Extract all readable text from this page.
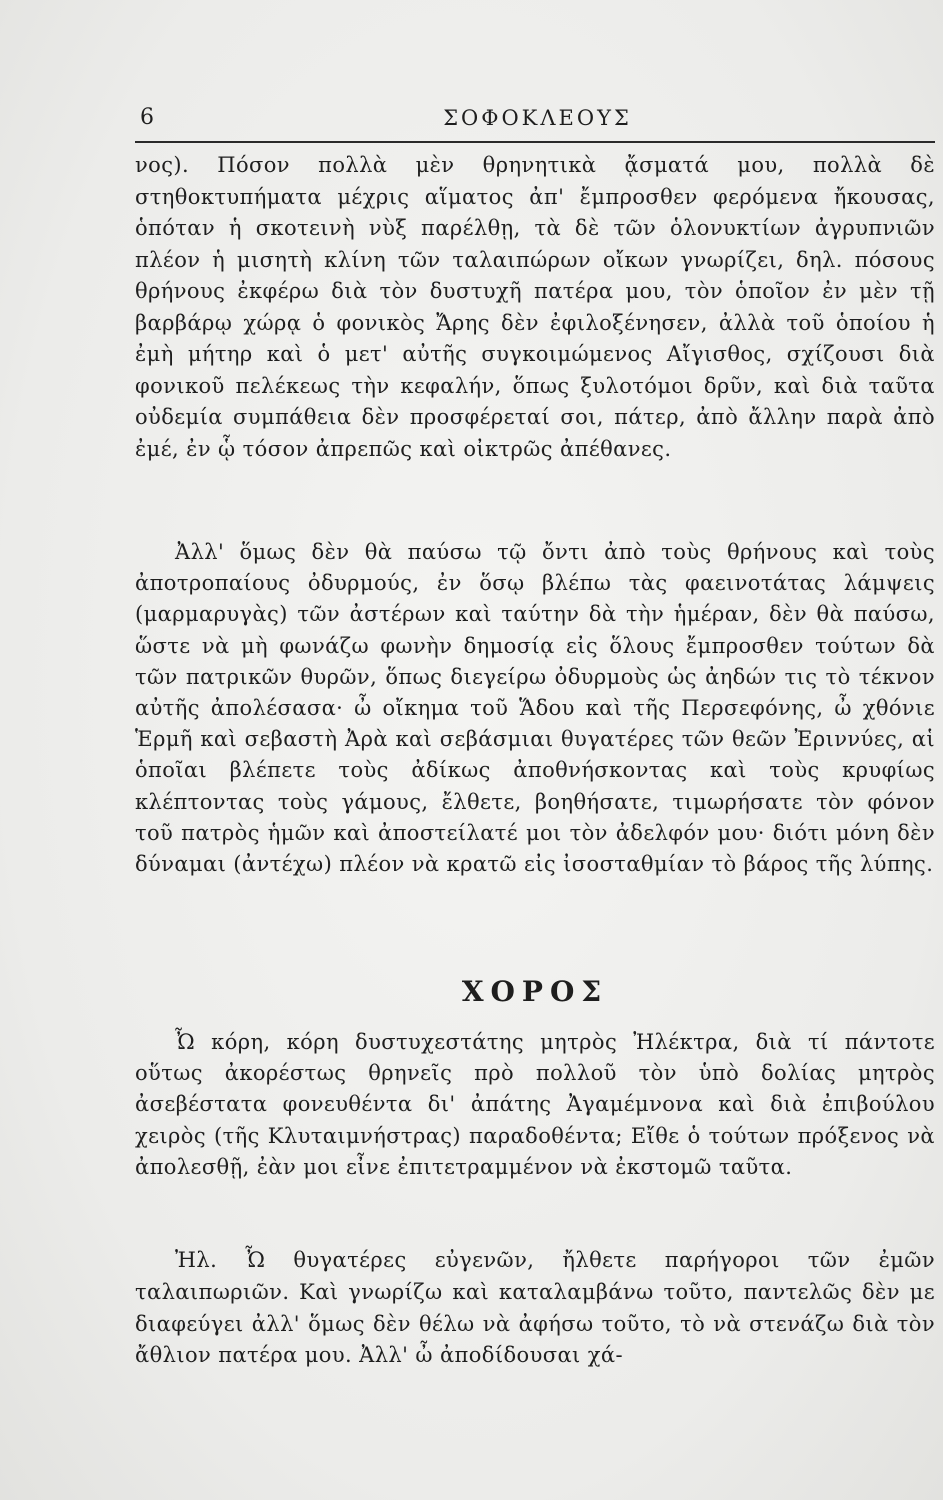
6	ΣΟΦΟΚΛΕΟΥΣ

νος). Πόσον πολλὰ μὲν θρηνητικὰ ᾄσματά μου, πολλὰ δὲ στηθοκτυπήματα μέχρις αἵματος ἀπ' ἔμπροσθεν φερόμενα ἤκουσας, ὁπόταν ἡ σκοτεινὴ νὺξ παρέλθῃ, τὰ δὲ τῶν ὁλονυκτίων ἀγρυπνιῶν πλέον ἡ μισητὴ κλίνη τῶν ταλαιπώρων οἴκων γνωρίζει, δηλ. πόσους θρήνους ἐκφέρω διὰ τὸν δυστυχῆ πατέρα μου, τὸν ὁποῖον ἐν μὲν τῇ βαρβάρῳ χώρᾳ ὁ φονικὸς Ἄρης δὲν ἐφιλοξένησεν, ἀλλὰ τοῦ ὁποίου ἡ ἐμὴ μήτηρ καὶ ὁ μετ' αὐτῆς συγκοιμώμενος Αἴγισθος, σχίζουσι διὰ φονικοῦ πελέκεως τὴν κεφαλήν, ὅπως ξυλοτόμοι δρῦν, καὶ διὰ ταῦτα οὐδεμία συμπάθεια δὲν προσφέρεταί σοι, πάτερ, ἀπὸ ἄλλην παρὰ ἀπὸ ἐμέ, ἐν ᾧ τόσον ἀπρεπῶς καὶ οἰκτρῶς ἀπέθανες.

Ἀλλ' ὅμως δὲν θὰ παύσω τῷ ὄντι ἀπὸ τοὺς θρήνους καὶ τοὺς ἀποτροπαίους ὀδυρμούς, ἐν ὅσῳ βλέπω τὰς φαεινοτάτας λάμψεις (μαρμαρυγὰς) τῶν ἀστέρων καὶ ταύτην δὰ τὴν ἡμέραν, δὲν θὰ παύσω, ὥστε νὰ μὴ φωνάζω φωνὴν δημοσίᾳ εἰς ὅλους ἔμπροσθεν τούτων δὰ τῶν πατρικῶν θυρῶν, ὅπως διεγείρω ὀδυρμοὺς ὡς ἀηδών τις τὸ τέκνον αὐτῆς ἀπολέσασα· ὦ οἴκημα τοῦ Ἅδου καὶ τῆς Περσεφόνης, ὦ χθόνιε Ἑρμῆ καὶ σεβαστὴ Ἀρὰ καὶ σεβάσμιαι θυγατέρες τῶν θεῶν Ἐριννύες, αἱ ὁποῖαι βλέπετε τοὺς ἀδίκως ἀποθνήσκοντας καὶ τοὺς κρυφίως κλέπτοντας τοὺς γάμους, ἔλθετε, βοηθήσατε, τιμωρήσατε τὸν φόνον τοῦ πατρὸς ἡμῶν καὶ ἀποστείλατέ μοι τὸν ἀδελφόν μου· διότι μόνη δὲν δύναμαι (ἀντέχω) πλέον νὰ κρατῶ εἰς ἰσοσταθμίαν τὸ βάρος τῆς λύπης.

ΧΟΡΟΣ

Ὦ κόρη, κόρη δυστυχεστάτης μητρὸς Ἠλέκτρα, διὰ τί πάντοτε οὕτως ἀκορέστως θρηνεῖς πρὸ πολλοῦ τὸν ὑπὸ δολίας μητρὸς ἀσεβέστατα φονευθέντα δι' ἀπάτης Ἀγαμέμνονα καὶ διὰ ἐπιβούλου χειρὸς (τῆς Κλυταιμνήστρας) παραδοθέντα; Εἴθε ὁ τούτων πρόξενος νὰ ἀπολεσθῇ, ἐὰν μοι εἶνε ἐπιτετραμμένον νὰ ἐκστομῶ ταῦτα.

Ἠλ. Ὦ θυγατέρες εὐγενῶν, ἤλθετε παρήγοροι τῶν ἐμῶν ταλαιπωριῶν. Καὶ γνωρίζω καὶ καταλαμβάνω τοῦτο, παντελῶς δὲν με διαφεύγει ἀλλ' ὅμως δὲν θέλω νὰ ἀφήσω τοῦτο, τὸ νὰ στενάζω διὰ τὸν ἄθλιον πατέρα μου. Ἀλλ' ὦ ἀποδίδουσαι χά-
